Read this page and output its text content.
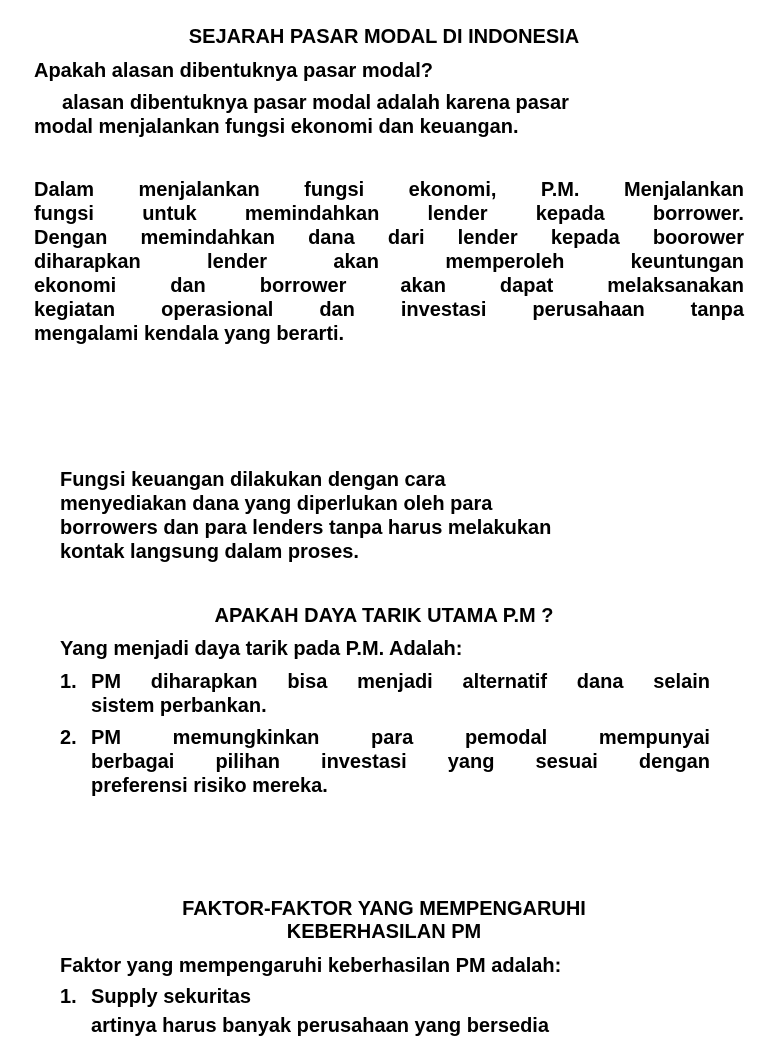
SEJARAH PASAR MODAL DI INDONESIA
Apakah alasan dibentuknya pasar modal?
alasan dibentuknya pasar modal adalah karena pasar
modal menjalankan fungsi ekonomi dan keuangan.
Dalam menjalankan fungsi ekonomi, P.M. Menjalankan
fungsi untuk memindahkan lender kepada borrower.
Dengan memindahkan dana dari lender kepada boorower
diharapkan lender akan memperoleh keuntungan
ekonomi dan borrower akan dapat melaksanakan
kegiatan operasional dan investasi perusahaan tanpa
mengalami kendala yang berarti.
Fungsi keuangan dilakukan dengan cara
menyediakan dana yang diperlukan oleh para
borrowers dan para lenders tanpa harus melakukan
kontak langsung dalam proses.
APAKAH DAYA TARIK UTAMA P.M ?
Yang menjadi daya tarik pada P.M. Adalah:
1. PM diharapkan bisa menjadi alternatif dana selain
sistem perbankan.
2. PM memungkinkan para pemodal mempunyai
berbagai pilihan investasi yang sesuai dengan
preferensi risiko mereka.
FAKTOR-FAKTOR YANG MEMPENGARUHI
KEBERHASILAN PM
Faktor yang mempengaruhi keberhasilan PM adalah:
1. Supply sekuritas
artinya harus banyak perusahaan yang bersedia
